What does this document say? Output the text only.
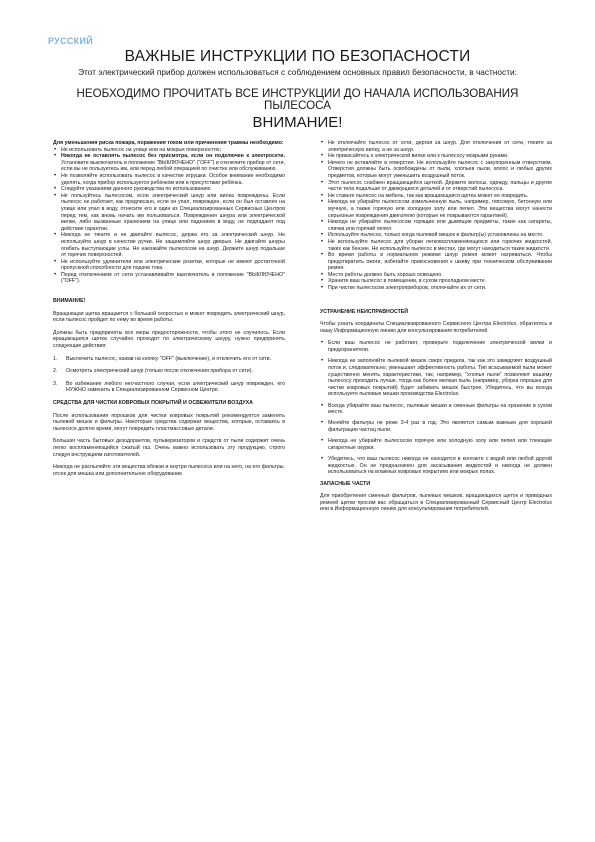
РУССКИЙ
ВАЖНЫЕ ИНСТРУКЦИИ ПО БЕЗОПАСНОСТИ
Этот электрический прибор должен использоваться с соблюдением основных правил безопасности, в частности:
НЕОБХОДИМО ПРОЧИТАТЬ ВСЕ ИНСТРУКЦИИ ДО НАЧАЛА ИСПОЛЬЗОВАНИЯ ПЫЛЕСОСА
ВНИМАНИЕ!

Для уменьшения риска пожара, поражения током или причинения травмы необходимо:

• Не использовать пылесос на улице или на мокрых поверхностях;
• Никогда не оставлять пылесос без присмотра, если он подключен к электросети. Установите выключатель в положение "ВЫКЛЮЧЕНО" ("OFF") и отключите прибор от сети, если вы не пользуетесь им, или перед любой операцией по очистке или обслуживанию.
• Не позволяйте использовать пылесос в качестве игрушки. Особое внимание необходимо уделять, когда прибор используется ребёнком или в присутствии ребёнка.
• Следуйте указаниям данного руководства по использованию.
• Не пользуйтесь пылесосом, если электрический шнур или вилка повреждены. Если пылесос не работает, как предписано, если он упал, поврежден, если он был оставлен на улице или упал в воду, отнесите его в один из Специализированных Сервисных Центров перед тем, как вновь начать им пользоваться. Повреждения шнура или электрической вилки, либо вызванные хранением на улице или падением в воду, не подпадают под действие гарантии.
• Никогда не тяните и не двигайте пылесос, держа его за электрический шнур. Не используйте шнур в качестве ручки. Не защемляйте шнур дверью. Не двигайте шнуры огибать выступающие углы. Не наезжайте пылесосом на шнур. Держите шнур подальше от горячих поверхностей.
• Не используйте удлинители или электрические розетки, которые не имеют достаточной пропускной способности для подачи тока.
• Перед отключением от сети устанавливайте выключатель в положение "ВЫКЛЮЧЕНО" ("OFF").

ВНИМАНИЕ!

Вращающая щетка вращается с большой скоростью и может повредить электрический шнур, если пылесос пройдет по нему во время работы.

Должны быть предприняты все меры предосторожности, чтобы этого не случилось. Если вращающаяся щетка случайно проходит по электрическому шнуру, нужно предпринять следующие действия:

1. Выключить пылесос, нажав на кнопку "OFF" (выключение), и отключить его от сети.
2. Осмотреть электрический шнур (только после отключения прибора от сети).
3. Во избежание любого несчастного случая, если электрический шнур поврежден, его НУЖНО заменить в Специализированном Сервисном Центре.

СРЕДСТВА ДЛЯ ЧИСТКИ КОВРОВЫХ ПОКРЫТИЙ И ОСВЕЖИТЕЛИ ВОЗДУХА

После использования порошков для чистки ковровых покрытий рекомендуется заменять пылевой мешок и фильтры. Некоторые средства содержат вещества, которые, оставаясь в пылесосе долгое время, могут повредить пластмассовые детали.

Большая часть бытовых дезодорантов, пульверизаторов и средств от пыли содержит очень легко воспламеняющийся сжатый газ. Очень важно использовать эту продукцию, строго следуя инструкциям изготовителей.

Никогда не распыляйте эти вещества вблизи и внутри пылесоса или на него, на его фильтры, отсек для мешка или дополнительное оборудование.

• Не отключайте пылесос от сети, дергая за шнур. Для отключения от сети, тяните за электрическую вилку, а не за шнур.
• Не прикасайтесь к электрической вилке или к пылесосу мокрыми руками.
• Ничего не вставляйте в отверстия. Не используйте пылесос с закупоренным отверстием. Отверстия должны быть освобождены от пыли, хлопьев пыли, волос и любых других предметов, которые могут уменьшить воздушный поток.
• Этот пылесос снабжен вращающейся щеткой. Держите волосы, одежду, пальцы и другие части тела подальше от движущихся деталей и от отверстий пылесоса.
• Не ставьте пылесос на мебель, так как вращающаяся щетка может ее повредить.
• Никогда не убирайте пылесосом измельченную пыль, например, гипсовую, бетонную или мучную, а также горячую или холодную золу или пепел. Эти вещества могут нанести серьезные повреждения двигателю (которые не покрываются гарантией).
• Никогда не убирайте пылесосом горящие или дымящие предметы, такие как сигареты, спички или горячий пепел.
• Используйте пылесос, только когда пылевой мешок и фильтр(ы) установлены на место.
• Не используйте пылесос для уборки легковоспламеняющихся или горючих жидкостей, таких как бензин. Не используйте пылесос в местах, где могут находиться такие жидкости.
• Во время работы в нормальном режиме шнур ремня может нагреваться. Чтобы предотвратить ожоги, избегайте прикосновения к шкиву при техническом обслуживании ремня.
• Место работы должно быть хорошо освещено.
• Храните ваш пылесос в помещении, в сухом прохладном месте.
• При чистке пылесосом электроприборов, отключайте их от сети.

УСТРАНЕНИЕ НЕИСПРАВНОСТЕЙ

Чтобы узнать координаты Специализированного Сервисного Центра Electrolux, обратитесь в нашу Информационную линию для консультирования потребителей.

• Если ваш пылесос не работает, проверьте подключение электрической вилки и предохранители.
• Никогда не заполняйте пылевой мешок сверх предела, так как это замедляет воздушный поток и, следовательно, уменьшает эффективность работы. Тип всасываемой пыли может существенно менять характеристики, так, например, "хлопья пыли" позволяют вашему пылесосу проходить лучше, тогда как более мелкая пыль (например, уборка порошка для чистки ковровых покрытий) будет забивать мешок быстрее. Убедитесь, что вы всегда используете пылевые мешки производства Electrolux.
• Всегда убирайте ваш пылесос, пылевые мешки и сменные фильтры на хранение в сухом месте.
• Меняйте фильтры не реже 3-4 раз в год. Это является самым важным для хорошей фильтрации частиц пыли.
• Никогда не убирайте пылесосом горячую или холодную золу или пепел или тлеющие сигаретные окурки.
• Убедитесь, что ваш пылесос никогда не находится в контакте с водой или любой другой жидкостью. Он не предназначен для засасывания жидкостей и никогда не должен использоваться на влажных ковровых покрытиях или мокрых полах.

ЗАПАСНЫЕ ЧАСТИ

Для приобретения сменных фильтров, пылевых мешков, вращающихся щеток и приводных ремней щетки просим вас обращаться в Специализированный Сервисный Центр Electrolux или в Информационную линию для консультирования потребителей.
